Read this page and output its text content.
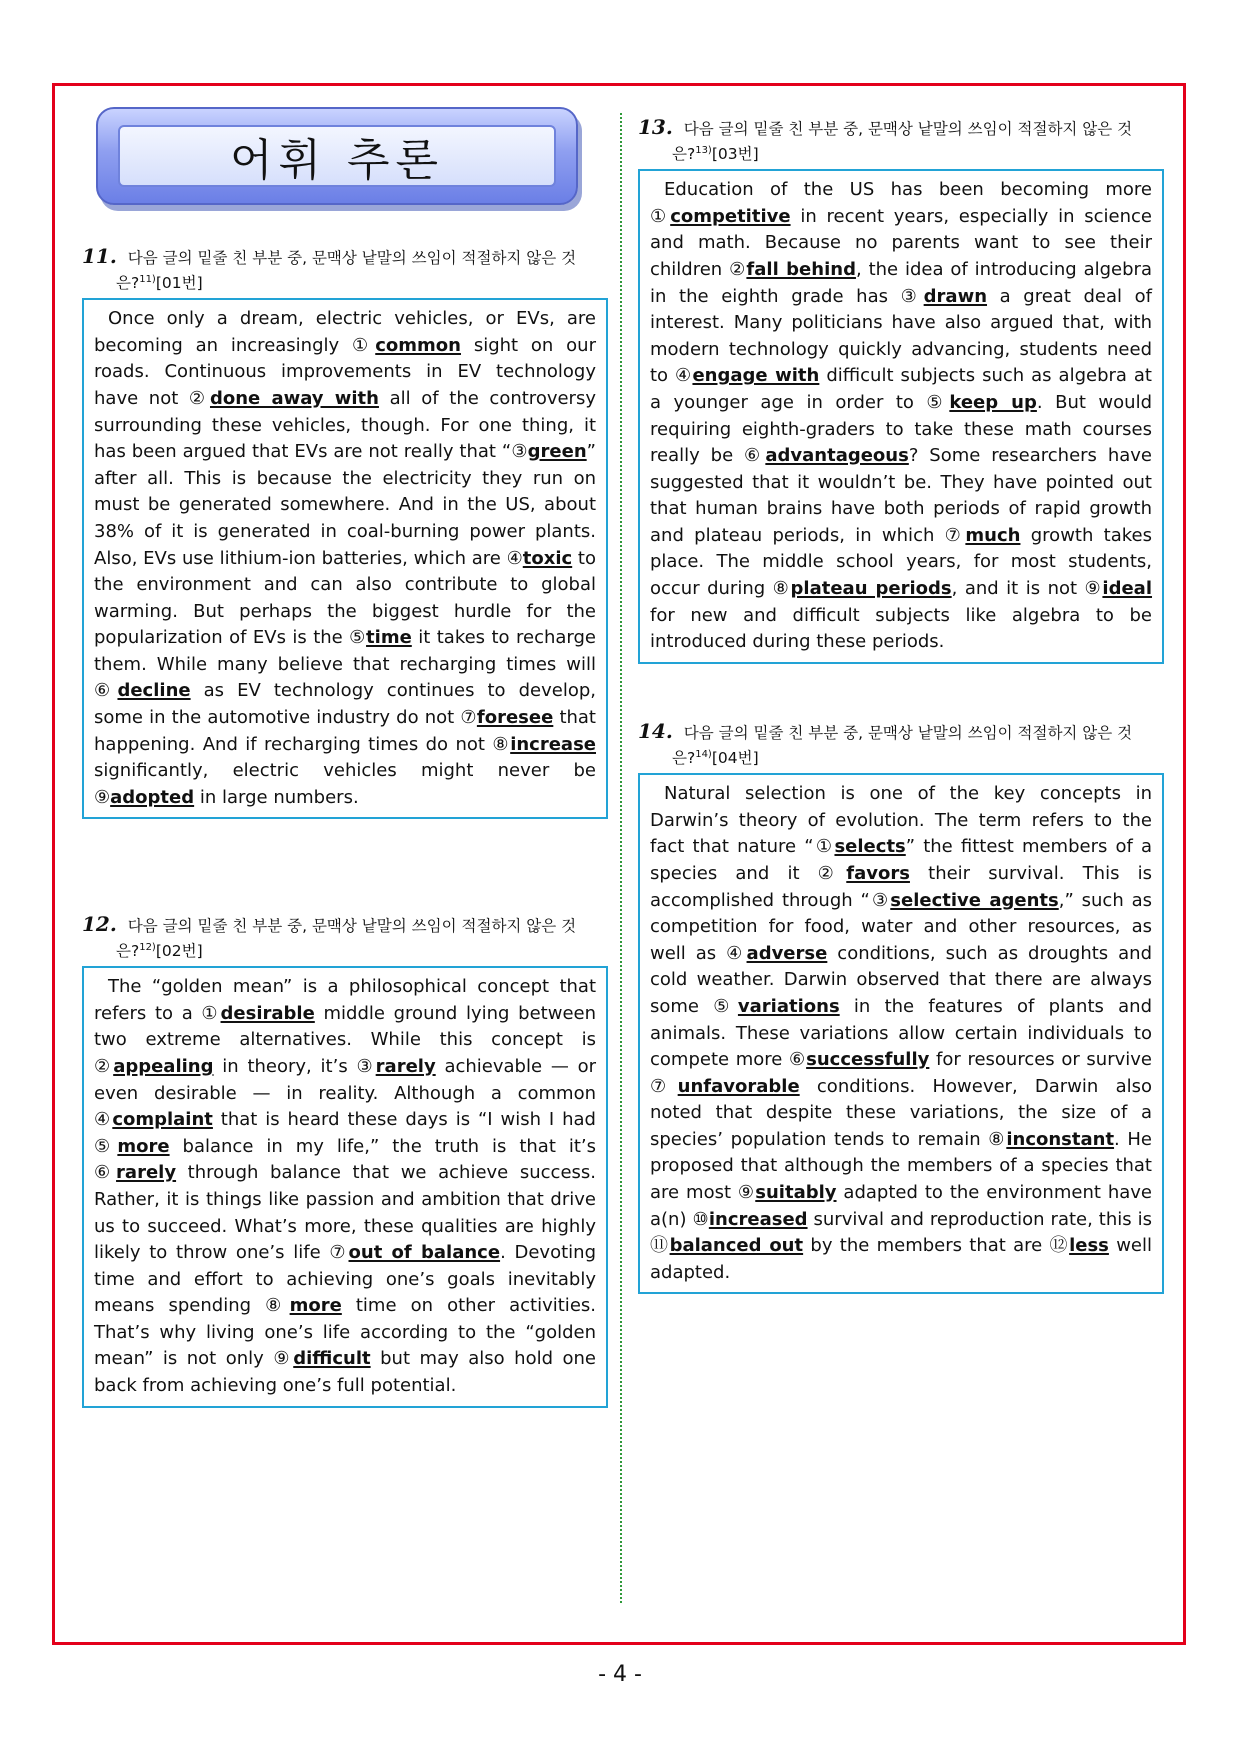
어휘 추론
11. 다음 글의 밑줄 친 부분 중, 문맥상 낱말의 쓰임이 적절하지 않은 것
은?$^{11)}$[01번]

Once only a dream, electric vehicles, or EVs, are becoming an increasingly ①common sight on our roads. Continuous improvements in EV technology have not ②done away with all of the controversy surrounding these vehicles, though. For one thing, it has been argued that EVs are not really that “③green” after all. This is because the electricity they run on must be generated somewhere. And in the US, about 38% of it is generated in coal-burning power plants. Also, EVs use lithium-ion batteries, which are ④toxic to the environment and can also contribute to global warming. But perhaps the biggest hurdle for the popularization of EVs is the ⑤time it takes to recharge them. While many believe that recharging times will ⑥decline as EV technology continues to develop, some in the automotive industry do not ⑦foresee that happening. And if recharging times do not ⑧increase significantly, electric vehicles might never be ⑨adopted in large numbers.

12. 다음 글의 밑줄 친 부분 중, 문맥상 낱말의 쓰임이 적절하지 않은 것
은?$^{12)}$[02번]

The “golden mean” is a philosophical concept that refers to a ①desirable middle ground lying between two extreme alternatives. While this concept is ②appealing in theory, it’s ③rarely achievable — or even desirable — in reality. Although a common ④complaint that is heard these days is “I wish I had ⑤more balance in my life,” the truth is that it’s ⑥rarely through balance that we achieve success. Rather, it is things like passion and ambition that drive us to succeed. What’s more, these qualities are highly likely to throw one’s life ⑦out of balance. Devoting time and effort to achieving one’s goals inevitably means spending ⑧more time on other activities. That’s why living one’s life according to the “golden mean” is not only ⑨difficult but may also hold one back from achieving one’s full potential.

13. 다음 글의 밑줄 친 부분 중, 문맥상 낱말의 쓰임이 적절하지 않은 것
은?$^{13)}$[03번]

Education of the US has been becoming more ①competitive in recent years, especially in science and math. Because no parents want to see their children ②fall behind, the idea of introducing algebra in the eighth grade has ③drawn a great deal of interest. Many politicians have also argued that, with modern technology quickly advancing, students need to ④engage with difficult subjects such as algebra at a younger age in order to ⑤keep up. But would requiring eighth-graders to take these math courses really be ⑥advantageous? Some researchers have suggested that it wouldn’t be. They have pointed out that human brains have both periods of rapid growth and plateau periods, in which ⑦much growth takes place. The middle school years, for most students, occur during ⑧plateau periods, and it is not ⑨ideal for new and difficult subjects like algebra to be introduced during these periods.

14. 다음 글의 밑줄 친 부분 중, 문맥상 낱말의 쓰임이 적절하지 않은 것
은?$^{14)}$[04번]

Natural selection is one of the key concepts in Darwin’s theory of evolution. The term refers to the fact that nature “①selects” the fittest members of a species and it ②favors their survival. This is accomplished through “③selective agents,” such as competition for food, water and other resources, as well as ④adverse conditions, such as droughts and cold weather. Darwin observed that there are always some ⑤variations in the features of plants and animals. These variations allow certain individuals to compete more ⑥successfully for resources or survive ⑦unfavorable conditions. However, Darwin also noted that despite these variations, the size of a species’ population tends to remain ⑧inconstant. He proposed that although the members of a species that are most ⑨suitably adapted to the environment have a(n) ⑩increased survival and reproduction rate, this is ⑪balanced out by the members that are ⑫less well adapted.

- 4 -
